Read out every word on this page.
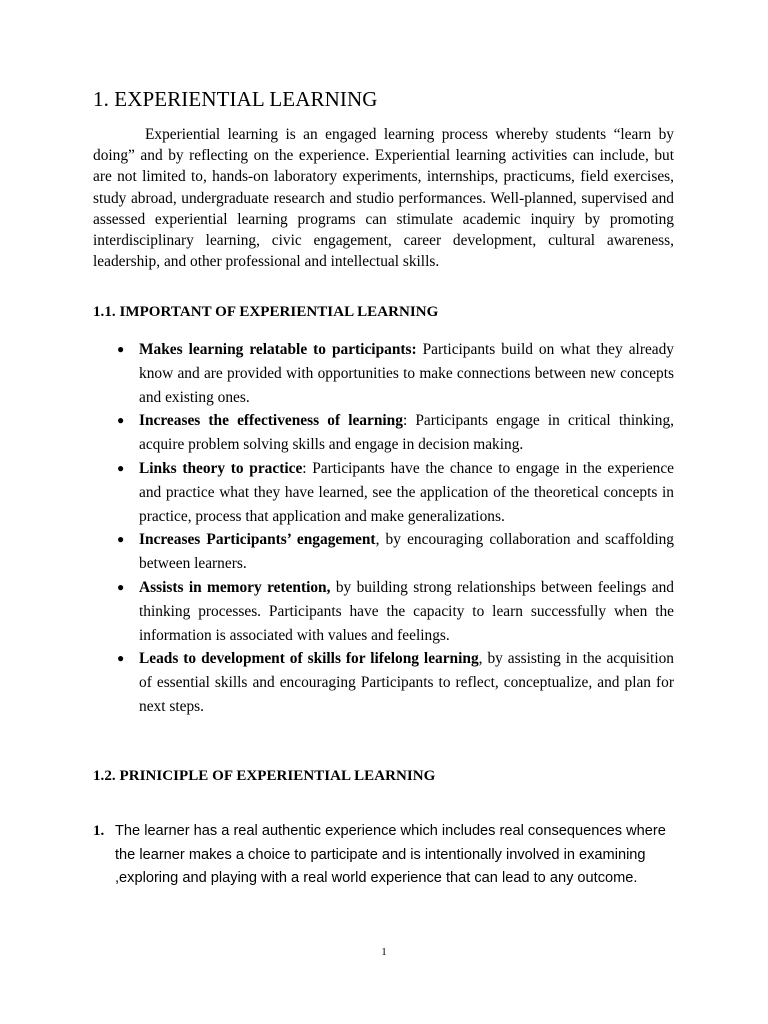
1. EXPERIENTIAL LEARNING

Experiential learning is an engaged learning process whereby students “learn by doing” and by reflecting on the experience. Experiential learning activities can include, but are not limited to, hands-on laboratory experiments, internships, practicums, field exercises, study abroad, undergraduate research and studio performances. Well-planned, supervised and assessed experiential learning programs can stimulate academic inquiry by promoting interdisciplinary learning, civic engagement, career development, cultural awareness, leadership, and other professional and intellectual skills.

1.1. IMPORTANT OF EXPERIENTIAL LEARNING
● Makes learning relatable to participants: Participants build on what they already know and are provided with opportunities to make connections between new concepts and existing ones.
● Increases the effectiveness of learning: Participants engage in critical thinking, acquire problem solving skills and engage in decision making.
● Links theory to practice: Participants have the chance to engage in the experience and practice what they have learned, see the application of the theoretical concepts in practice, process that application and make generalizations.
● Increases Participants’ engagement, by encouraging collaboration and scaffolding between learners.
● Assists in memory retention, by building strong relationships between feelings and thinking processes. Participants have the capacity to learn successfully when the information is associated with values and feelings.
● Leads to development of skills for lifelong learning, by assisting in the acquisition of essential skills and encouraging Participants to reflect, conceptualize, and plan for next steps.
1.2. PRINICIPLE OF EXPERIENTIAL LEARNING
1. The learner has a real authentic experience which includes real consequences where the learner makes a choice to participate and is intentionally involved in examining ,exploring and playing with a real world experience that can lead to any outcome.
1
